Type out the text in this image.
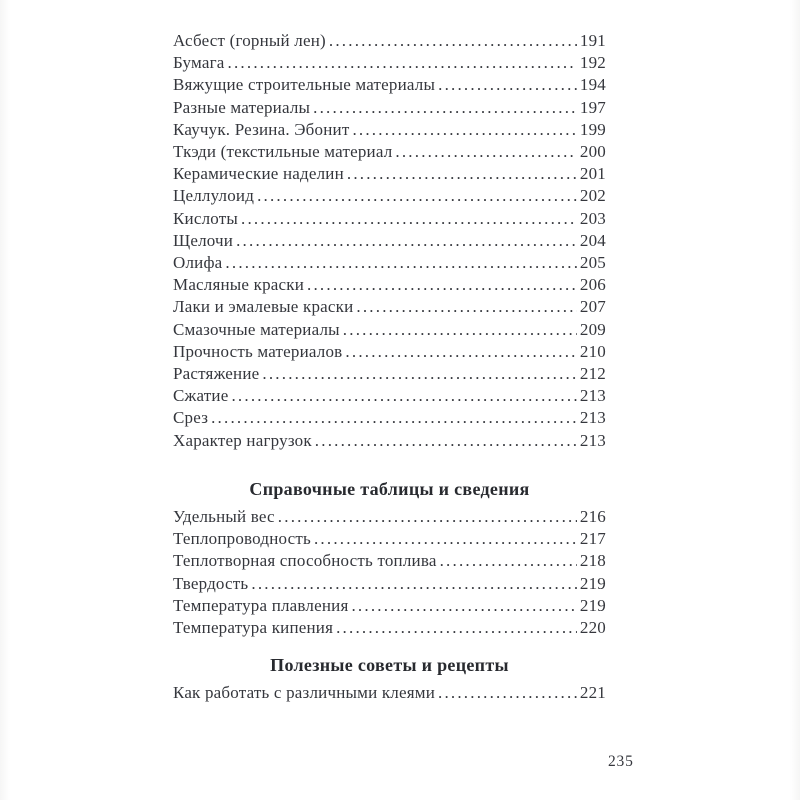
Асбест (горный лен) .....	191
Бумага .....	192
Вяжущие строительные материалы .....	194
Разные материалы .....	197
Каучук. Резина. Эбонит .....	199
Ткэди (текстильные материал .....	200
Керамические наделин .....	201
Целлулоид .....	202
Кислоты .....	203
Щелочи .....	204
Олифа .....	205
Масляные краски .....	206
Лаки и эмалевые краски .....	207
Смазочные материалы .....	209
Прочность материалов .....	210
Растяжение .....	212
Сжатие .....	213
Срез .....	213
Характер нагрузок .....	213
Справочные таблицы и сведения
Удельный вес .....	216
Теплопроводность .....	217
Теплотворная способность топлива .....	218
Твердость .....	219
Температура плавления .....	219
Температура кипения .....	220
Полезные советы и рецепты
Как работать с различными клеями .....	221
235
